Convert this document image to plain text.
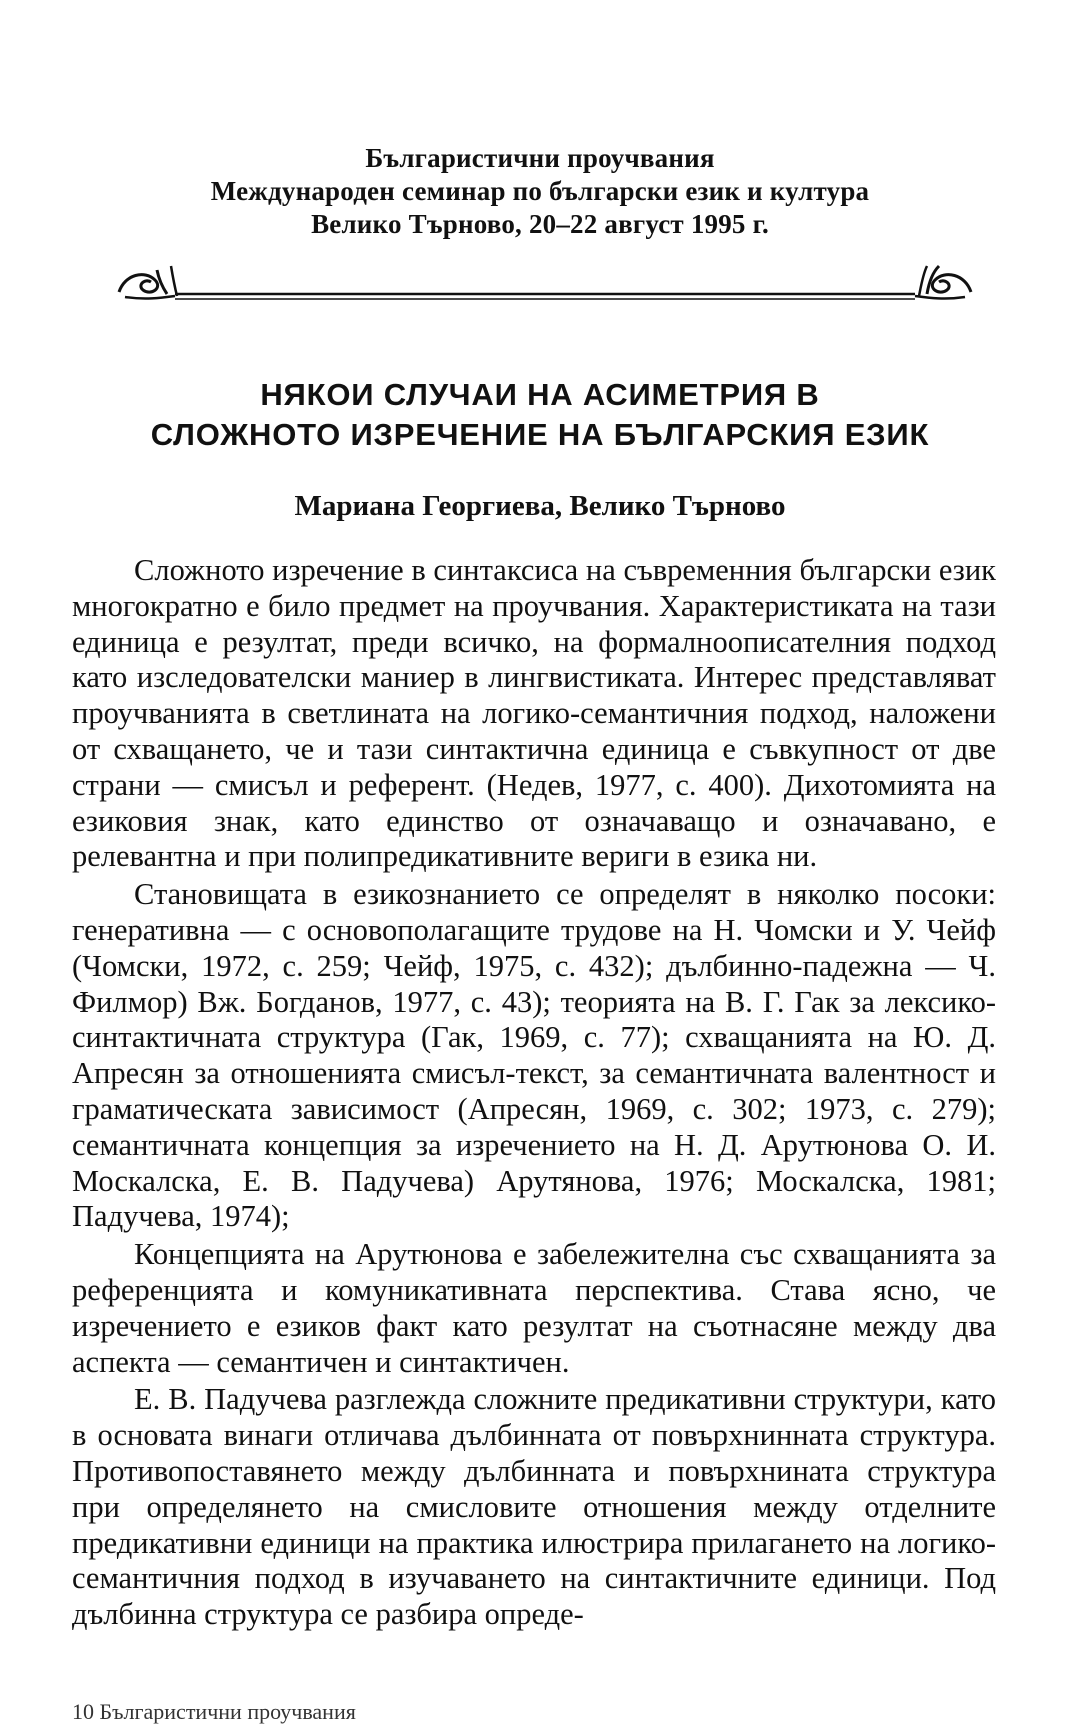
Българистични проучвания
Международен семинар по български език и култура
Велико Търново, 20–22 август 1995 г.
НЯКОИ СЛУЧАИ НА АСИМЕТРИЯ В
СЛОЖНОТО ИЗРЕЧЕНИЕ НА БЪЛГАРСКИЯ ЕЗИК
Мариана Георгиева, Велико Търново

Сложното изречение в синтаксиса на съвременния български език многократно е било предмет на проучвания. Характеристиката на тази единица е резултат, преди всичко, на формалноописателния подход като изследователски маниер в лингвистиката. Интерес представляват проучванията в светлината на логико-семантичния подход, наложени от схващането, че и тази синтактична единица е съвкупност от две страни — смисъл и референт. (Недев, 1977, с. 400). Дихотомията на езиковия знак, като единство от означаващо и означавано, е релевантна и при полипредикативните вериги в езика ни.

Становищата в езикознанието се определят в няколко посоки: генеративна — с основополагащите трудове на Н. Чомски и У. Чейф (Чомски, 1972, с. 259; Чейф, 1975, с. 432); дълбинно-падежна — Ч. Филмор) Вж. Богданов, 1977, с. 43); теорията на В. Г. Гак за лексико-синтактичната структура (Гак, 1969, с. 77); схващанията на Ю. Д. Апресян за отношенията смисъл-текст, за семантичната валентност и граматическата зависимост (Апресян, 1969, с. 302; 1973, с. 279); семантичната концепция за изречението на Н. Д. Арутюнова О. И. Москалска, Е. В. Падучева) Арутянова, 1976; Москалска, 1981; Падучева, 1974);

Концепцията на Арутюнова е забележителна със схващанията за референцията и комуникативната перспектива. Става ясно, че изречението е езиков факт като резултат на съотнасяне между два аспекта — семантичен и синтактичен.

Е. В. Падучева разглежда сложните предикативни структури, като в основата винаги отличава дълбинната от повърхнинната структура. Противопоставянето между дълбинната и повърхнината структура при определянето на смисловите отношения между отделните предикативни единици на практика илюстрира прилагането на логико-семантичния подход в изучаването на синтактичните единици. Под дълбинна структура се разбира опреде-

10 Българистични проучвания
